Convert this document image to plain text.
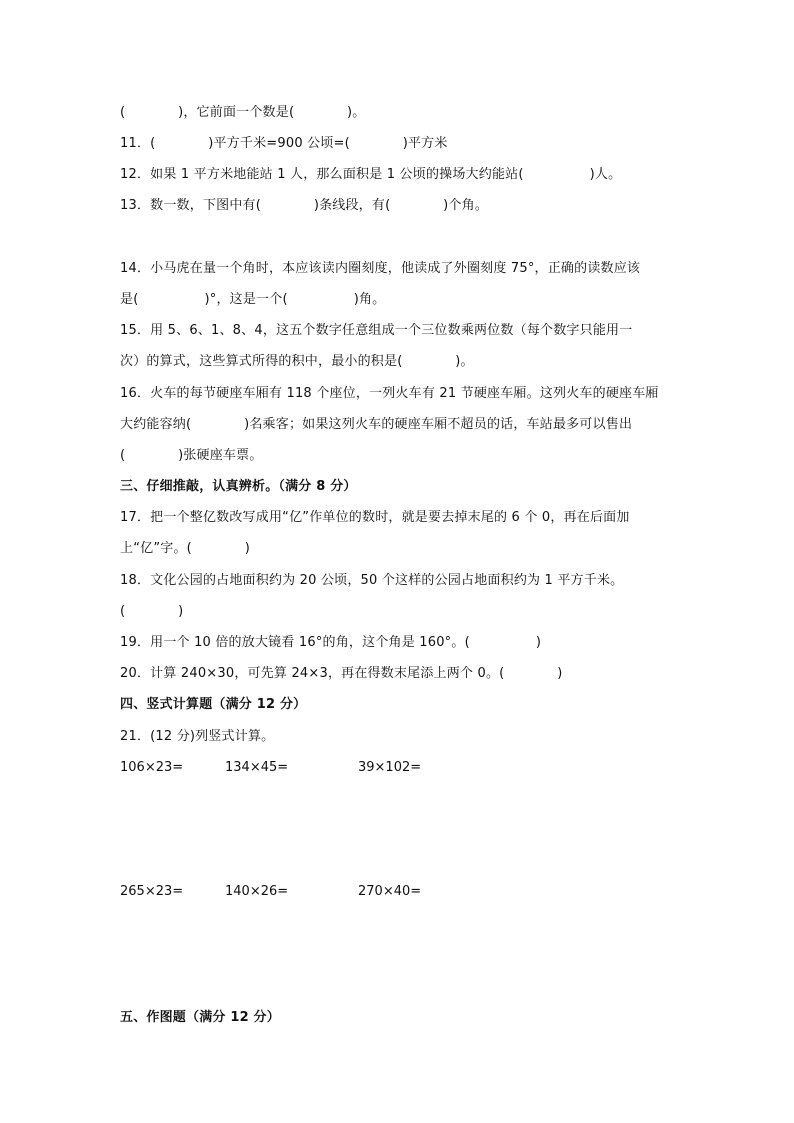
(　　　　)，它前面一个数是(　　　　)。
11．(　　　　)平方千米=900 公顷=(　　　　)平方米
12．如果 1 平方米地能站 1 人，那么面积是 1 公顷的操场大约能站(　　　　　)人。
13．数一数，下图中有(　　　　)条线段，有(　　　　)个角。
14．小马虎在量一个角时，本应该读内圈刻度，他读成了外圈刻度 75°，正确的读数应该
是(　　　　　)°，这是一个(　　　　　)角。
15．用 5、6、1、8、4，这五个数字任意组成一个三位数乘两位数（每个数字只能用一
次）的算式，这些算式所得的积中，最小的积是(　　　　)。
16．火车的每节硬座车厢有 118 个座位，一列火车有 21 节硬座车厢。这列火车的硬座车厢
大约能容纳(　　　　)名乘客；如果这列火车的硬座车厢不超员的话，车站最多可以售出
(　　　　)张硬座车票。
三、仔细推敲，认真辨析。（满分 8 分）
17．把一个整亿数改写成用“亿”作单位的数时，就是要去掉末尾的 6 个 0，再在后面加
上“亿”字。(　　　　)
18．文化公园的占地面积约为 20 公顷，50 个这样的公园占地面积约为 1 平方千米。
(　　　　)
19．用一个 10 倍的放大镜看 16°的角，这个角是 160°。(　　　　　)
20．计算 240×30，可先算 24×3，再在得数末尾添上两个 0。(　　　　)
四、竖式计算题（满分 12 分）
21．(12 分)列竖式计算。
106×23=	134×45=	39×102=
265×23=	140×26=	270×40=
五、作图题（满分 12 分）
